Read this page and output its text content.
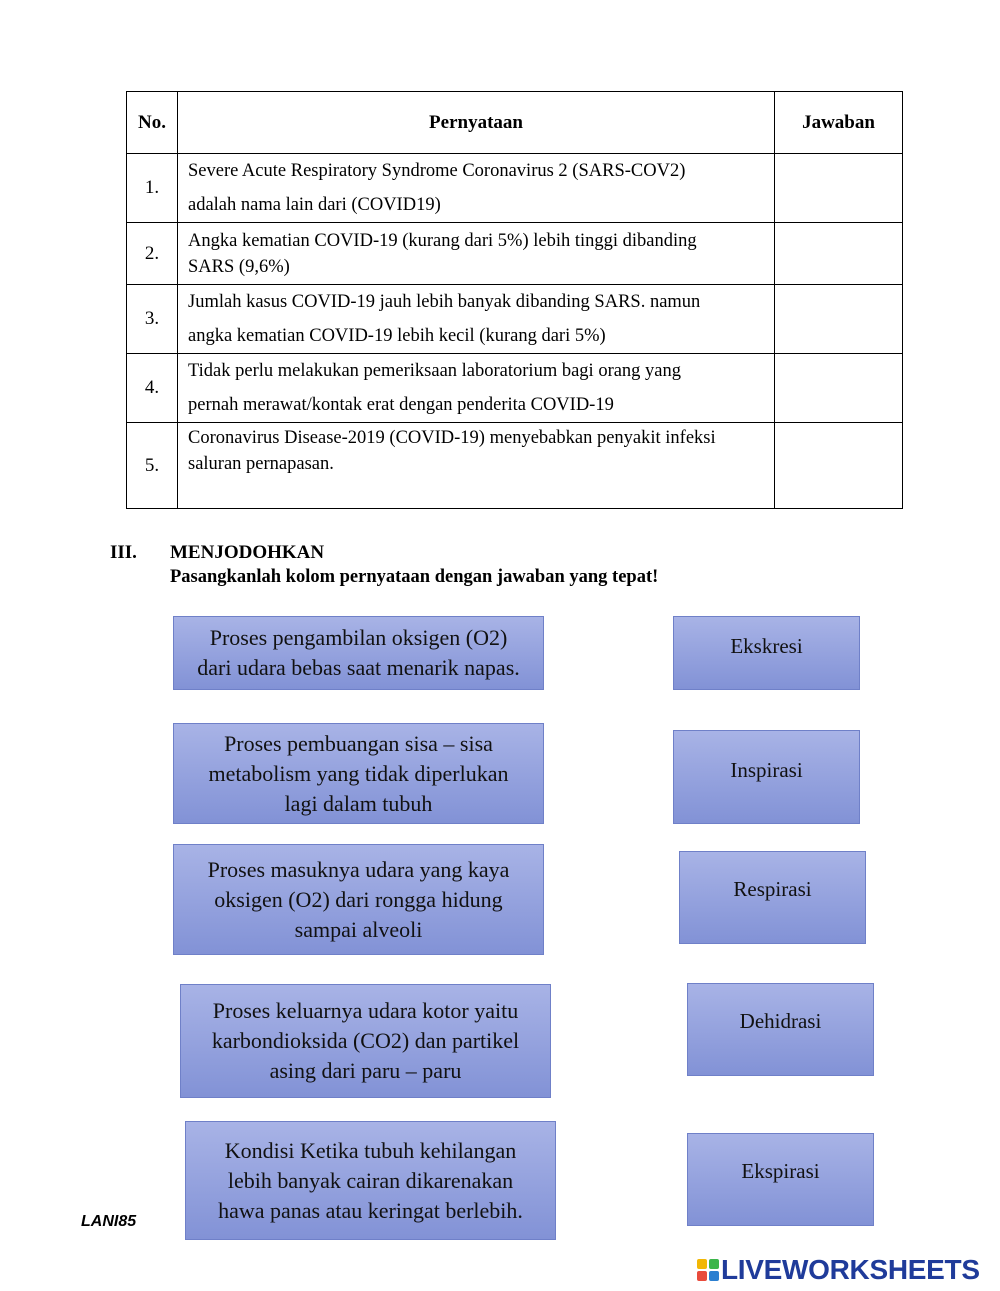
No.	Pernyataan	Jawaban
1.	Severe Acute Respiratory Syndrome Coronavirus 2 (SARS-COV2)
adalah nama lain dari (COVID19)	

2.	Angka kematian COVID-19 (kurang dari 5%) lebih tinggi dibanding
SARS (9,6%)	

3.	Jumlah kasus COVID-19 jauh lebih banyak dibanding SARS. namun
angka kematian COVID-19 lebih kecil (kurang dari 5%)	

4.	Tidak perlu melakukan pemeriksaan laboratorium bagi orang yang
pernah merawat/kontak erat dengan penderita COVID-19	

5.	Coronavirus Disease-2019 (COVID-19) menyebabkan penyakit infeksi
saluran pernapasan.	

III. MENJODOHKAN
Pasangkanlah kolom pernyataan dengan jawaban yang tepat!
Proses pengambilan oksigen (O2)
dari udara bebas saat menarik napas.
Proses pembuangan sisa – sisa
metabolism yang tidak diperlukan
lagi dalam tubuh
Proses masuknya udara yang kaya
oksigen (O2) dari rongga hidung
sampai alveoli
Proses keluarnya udara kotor yaitu
karbondioksida (CO2) dan partikel
asing dari paru – paru
Kondisi Ketika tubuh kehilangan
lebih banyak cairan dikarenakan
hawa panas atau keringat berlebih.
Ekskresi
Inspirasi
Respirasi
Dehidrasi
Ekspirasi
LANI85
LIVEWORKSHEETS
